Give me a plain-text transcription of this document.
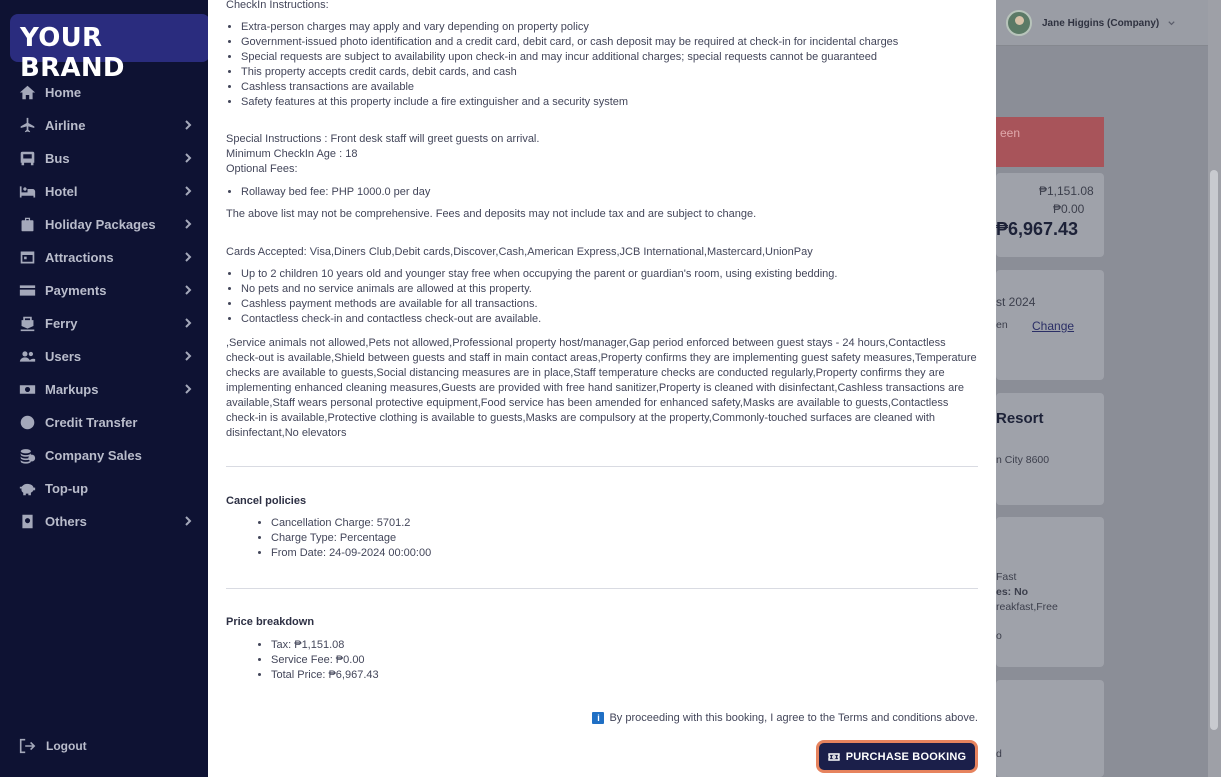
YOUR BRAND
Home
Airline
Bus
Hotel
Holiday Packages
Attractions
Payments
Ferry
Users
Markups
Credit Transfer
Company Sales
Top-up
Others
Logout
Jane Higgins (Company)
een
₱1,151.08
₱0.00
₱6,967.43
st 2024
en Change
Resort
n City 8600
Fast
es: No
reakfast,Free
o
d
CheckIn Instructions:
• Extra-person charges may apply and vary depending on property policy
• Government-issued photo identification and a credit card, debit card, or cash deposit may be required at check-in for incidental charges
• Special requests are subject to availability upon check-in and may incur additional charges; special requests cannot be guaranteed
• This property accepts credit cards, debit cards, and cash
• Cashless transactions are available
• Safety features at this property include a fire extinguisher and a security system
Special Instructions : Front desk staff will greet guests on arrival.
Minimum CheckIn Age : 18
Optional Fees:
• Rollaway bed fee: PHP 1000.0 per day
The above list may not be comprehensive. Fees and deposits may not include tax and are subject to change.
Cards Accepted: Visa,Diners Club,Debit cards,Discover,Cash,American Express,JCB International,Mastercard,UnionPay
• Up to 2 children 10 years old and younger stay free when occupying the parent or guardian's room, using existing bedding.
• No pets and no service animals are allowed at this property.
• Cashless payment methods are available for all transactions.
• Contactless check-in and contactless check-out are available.
,Service animals not allowed,Pets not allowed,Professional property host/manager,Gap period enforced between guest stays - 24 hours,Contactless check-out is available,Shield between guests and staff in main contact areas,Property confirms they are implementing guest safety measures,Temperature checks are available to guests,Social distancing measures are in place,Staff temperature checks are conducted regularly,Property confirms they are implementing enhanced cleaning measures,Guests are provided with free hand sanitizer,Property is cleaned with disinfectant,Cashless transactions are available,Staff wears personal protective equipment,Food service has been amended for enhanced safety,Masks are available to guests,Contactless check-in is available,Protective clothing is available to guests,Masks are compulsory at the property,Commonly-touched surfaces are cleaned with disinfectant,No elevators
Cancel policies
• Cancellation Charge: 5701.2
• Charge Type: Percentage
• From Date: 24-09-2024 00:00:00
Price breakdown
• Tax: ₱1,151.08
• Service Fee: ₱0.00
• Total Price: ₱6,967.43
i By proceeding with this booking, I agree to the Terms and conditions above.
PURCHASE BOOKING
